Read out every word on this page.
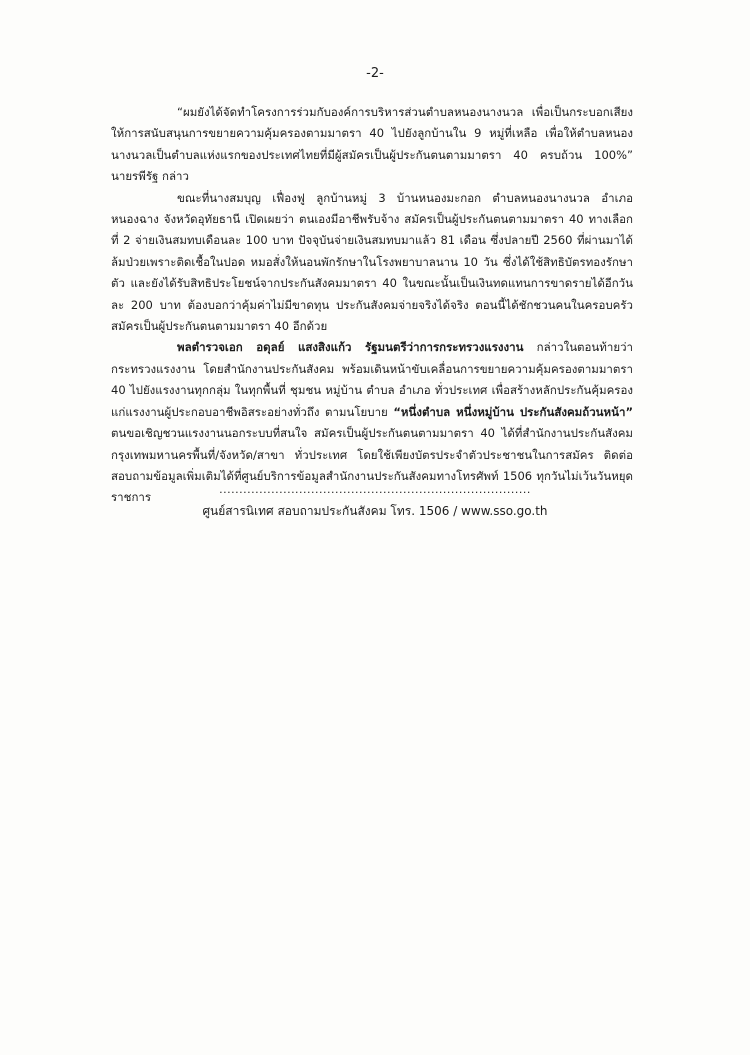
-2-

“ผมยังได้จัดทำโครงการร่วมกับองค์การบริหารส่วนตำบลหนองนางนวล เพื่อเป็นกระบอกเสียงให้การสนับสนุนการขยายความคุ้มครองตามมาตรา 40 ไปยังลูกบ้านใน 9 หมู่ที่เหลือ เพื่อให้ตำบลหนองนางนวลเป็นตำบลแห่งแรกของประเทศไทยที่มีผู้สมัครเป็นผู้ประกันตนตามมาตรา 40 ครบถ้วน 100%” นายรพีรัฐ กล่าว

ขณะที่นางสมบุญ เฟื่องฟู ลูกบ้านหมู่ 3 บ้านหนองมะกอก ตำบลหนองนางนวล อำเภอหนองฉาง จังหวัดอุทัยธานี เปิดเผยว่า ตนเองมีอาชีพรับจ้าง สมัครเป็นผู้ประกันตนตามมาตรา 40 ทางเลือกที่ 2 จ่ายเงินสมทบเดือนละ 100 บาท ปัจจุบันจ่ายเงินสมทบมาแล้ว 81 เดือน ซึ่งปลายปี 2560 ที่ผ่านมาได้ล้มป่วยเพราะติดเชื้อในปอด หมอสั่งให้นอนพักรักษาในโรงพยาบาลนาน 10 วัน ซึ่งได้ใช้สิทธิบัตรทองรักษาตัว และยังได้รับสิทธิประโยชน์จากประกันสังคมมาตรา 40 ในขณะนั้นเป็นเงินทดแทนการขาดรายได้อีกวันละ 200 บาท ต้องบอกว่าคุ้มค่าไม่มีขาดทุน ประกันสังคมจ่ายจริงได้จริง ตอนนี้ได้ชักชวนคนในครอบครัวสมัครเป็นผู้ประกันตนตามมาตรา 40 อีกด้วย

พลตำรวจเอก อดุลย์ แสงสิงแก้ว รัฐมนตรีว่าการกระทรวงแรงงาน กล่าวในตอนท้ายว่า กระทรวงแรงงาน โดยสำนักงานประกันสังคม พร้อมเดินหน้าขับเคลื่อนการขยายความคุ้มครองตามมาตรา 40 ไปยังแรงงานทุกกลุ่ม ในทุกพื้นที่ ชุมชน หมู่บ้าน ตำบล อำเภอ ทั่วประเทศ เพื่อสร้างหลักประกันคุ้มครองแก่แรงงานผู้ประกอบอาชีพอิสระอย่างทั่วถึง ตามนโยบาย “หนึ่งตำบล หนึ่งหมู่บ้าน ประกันสังคมถ้วนหน้า” ตนขอเชิญชวนแรงงานนอกระบบที่สนใจ สมัครเป็นผู้ประกันตนตามมาตรา 40 ได้ที่สำนักงานประกันสังคมกรุงเทพมหานครพื้นที่/จังหวัด/สาขา ทั่วประเทศ โดยใช้เพียงบัตรประจำตัวประชาชนในการสมัคร ติดต่อสอบถามข้อมูลเพิ่มเติมได้ที่ศูนย์บริการข้อมูลสำนักงานประกันสังคมทางโทรศัพท์ 1506 ทุกวันไม่เว้นวันหยุดราชการ

..............................................................................
ศูนย์สารนิเทศ สอบถามประกันสังคม โทร. 1506 / www.sso.go.th
